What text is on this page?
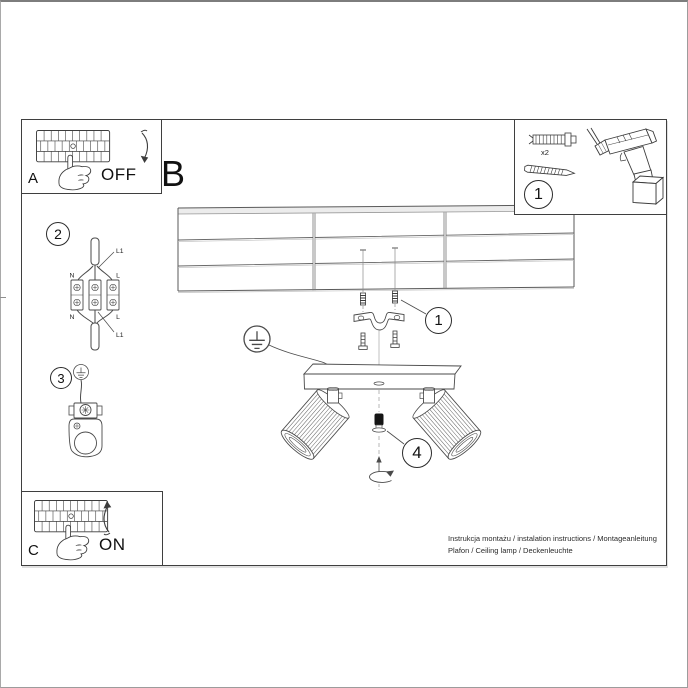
L1
N	L
N	L
L1
A	OFF B
x2
C	ON
1
2
3
1
4
Instrukcja montażu / instalation instructions / Montageanleitung
Plafon / Ceiling lamp / Deckenleuchte
